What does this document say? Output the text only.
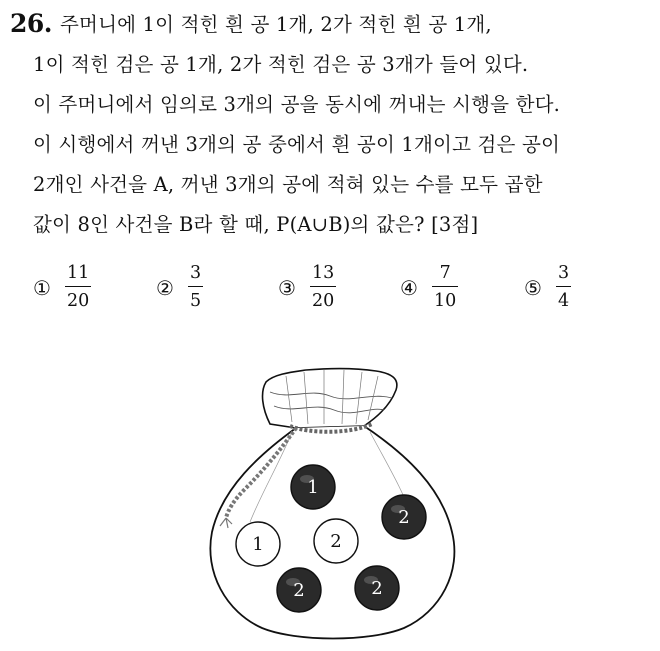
26. 주머니에 1이 적힌 흰 공 1개, 2가 적힌 흰 공 1개,
1이 적힌 검은 공 1개, 2가 적힌 검은 공 3개가 들어 있다.
이 주머니에서 임의로 3개의 공을 동시에 꺼내는 시행을 한다.
이 시행에서 꺼낸 3개의 공 중에서 흰 공이 1개이고 검은 공이
2개인 사건을 A, 꺼낸 3개의 공에 적혀 있는 수를 모두 곱한
값이 8인 사건을 B라 할 때, P(A∪B)의 값은? [3점]
①
11
20
②
3
5
③
13
20
④
7
10
⑤
3
4
1
2
1	2
2	2
